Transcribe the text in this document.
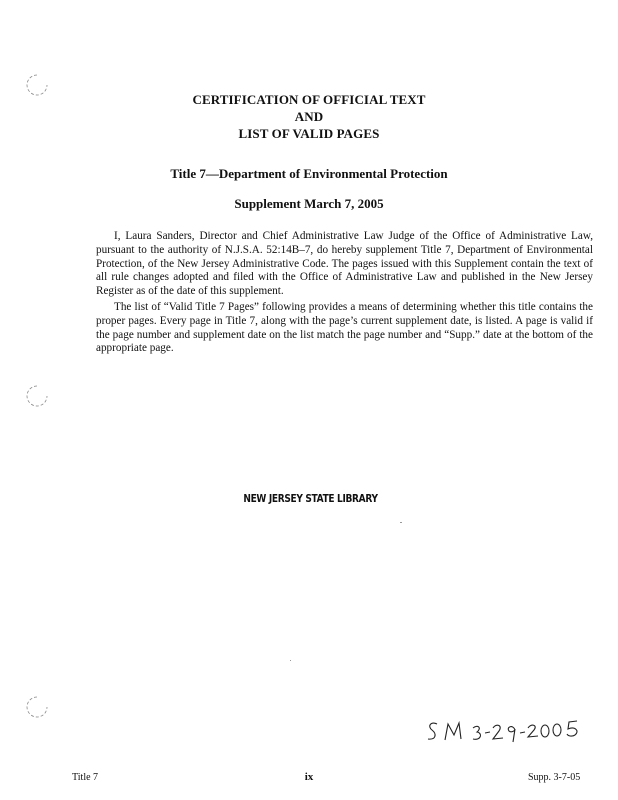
CERTIFICATION OF OFFICIAL TEXT
AND
LIST OF VALID PAGES
Title 7—Department of Environmental Protection
Supplement March 7, 2005

I, Laura Sanders, Director and Chief Administrative Law Judge of the Office of Administrative Law, pursuant to the authority of N.J.S.A. 52:14B–7, do hereby supplement Title 7, Department of Environmental Protection, of the New Jersey Administrative Code. The pages issued with this Supplement contain the text of all rule changes adopted and filed with the Office of Administrative Law and published in the New Jersey Register as of the date of this supplement.

The list of “Valid Title 7 Pages” following provides a means of determining whether this title contains the proper pages. Every page in Title 7, along with the page’s current supplement date, is listed. A page is valid if the page number and supplement date on the list match the page number and “Supp.” date at the bottom of the appropriate page.

NEW JERSEY STATE LIBRARY
Title 7	ix	Supp. 3-7-05
